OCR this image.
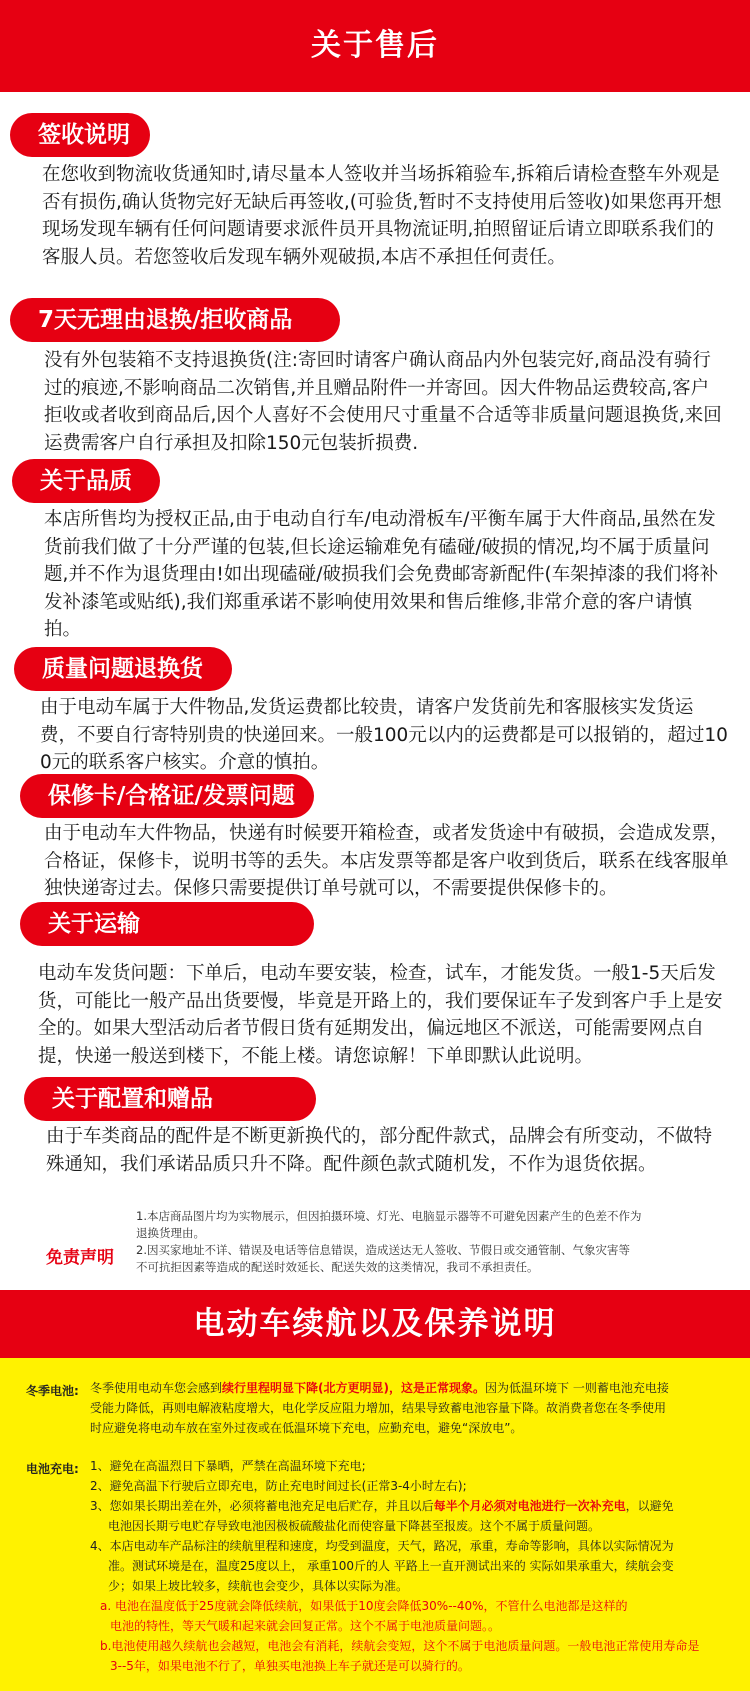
关于售后
签收说明
在您收到物流收货通知时,请尽量本人签收并当场拆箱验车,拆箱后请检查整车外观是否有损伤,确认货物完好无缺后再签收,(可验货,暂时不支持使用后签收)如果您再开想现场发现车辆有任何问题请要求派件员开具物流证明,拍照留证后请立即联系我们的客服人员。若您签收后发现车辆外观破损,本店不承担任何责任。
7天无理由退换/拒收商品
没有外包装箱不支持退换货(注:寄回时请客户确认商品内外包装完好,商品没有骑行过的痕迹,不影响商品二次销售,并且赠品附件一并寄回。因大件物品运费较高,客户拒收或者收到商品后,因个人喜好不会使用尺寸重量不合适等非质量问题退换货,来回运费需客户自行承担及扣除150元包装折损费.
关于品质
本店所售均为授权正品,由于电动自行车/电动滑板车/平衡车属于大件商品,虽然在发货前我们做了十分严谨的包装,但长途运输难免有磕碰/破损的情况,均不属于质量问题,并不作为退货理由!如出现磕碰/破损我们会免费邮寄新配件(车架掉漆的我们将补发补漆笔或贴纸),我们郑重承诺不影响使用效果和售后维修,非常介意的客户请慎拍。
质量问题退换货
由于电动车属于大件物品,发货运费都比较贵，请客户发货前先和客服核实发货运费，不要自行寄特别贵的快递回来。一般100元以内的运费都是可以报销的，超过100元的联系客户核实。介意的慎拍。
保修卡/合格证/发票问题
由于电动车大件物品，快递有时候要开箱检查，或者发货途中有破损，会造成发票，合格证，保修卡，说明书等的丢失。本店发票等都是客户收到货后，联系在线客服单独快递寄过去。保修只需要提供订单号就可以，不需要提供保修卡的。
关于运输
电动车发货问题：下单后，电动车要安装，检查，试车，才能发货。一般1-5天后发货，可能比一般产品出货要慢，毕竟是开路上的，我们要保证车子发到客户手上是安全的。如果大型活动后者节假日货有延期发出，偏远地区不派送，可能需要网点自提，快递一般送到楼下，不能上楼。请您谅解！下单即默认此说明。
关于配置和赠品
由于车类商品的配件是不断更新换代的，部分配件款式，品牌会有所变动，不做特殊通知，我们承诺品质只升不降。配件颜色款式随机发，不作为退货依据。
免责声明

1.本店商品图片均为实物展示，但因拍摄环境、灯光、电脑显示器等不可避免因素产生的色差不作为

退换货理由。

2.因买家地址不详、错误及电话等信息错误，造成送达无人签收、节假日或交通管制、气象灾害等

不可抗拒因素等造成的配送时效延长、配送失效的这类情况，我司不承担责任。

电动车续航以及保养说明
冬季电池: 冬季使用电动车您会感到续行里程明显下降(北方更明显)，这是正常现象。因为低温环境下 一则蓄电池充电接
受能力降低，再则电解液粘度增大，电化学反应阻力增加，结果导致蓄电池容量下降。故消费者您在冬季使用
时应避免将电动车放在室外过夜或在低温环境下充电，应勤充电，避免“深放电”。
电池充电: 1、避免在高温烈日下暴晒，严禁在高温环境下充电;
2、避免高温下行驶后立即充电，防止充电时间过长(正常3-4小时左右);
3、您如果长期出差在外，必须将蓄电池充足电后贮存，并且以后每半个月必须对电池进行一次补充电，以避免
电池因长期亏电贮存导致电池因极板硫酸盐化而使容量下降甚至报废。这个不属于质量问题。
4、本店电动车产品标注的续航里程和速度，均受到温度，天气，路况，承重，寿命等影响，具体以实际情况为
准。测试环境是在，温度25度以上， 承重100斤的人 平路上一直开测试出来的 实际如果承重大，续航会变
少；如果上坡比较多，续航也会变少，具体以实际为准。
a. 电池在温度低于25度就会降低续航，如果低于10度会降低30%--40%，不管什么电池都是这样的
电池的特性，等天气暖和起来就会回复正常。这个不属于电池质量问题。。
b.电池使用越久续航也会越短，电池会有消耗，续航会变短，这个不属于电池质量问题。一般电池正常使用寿命是
3--5年，如果电池不行了，单独买电池换上车子就还是可以骑行的。
